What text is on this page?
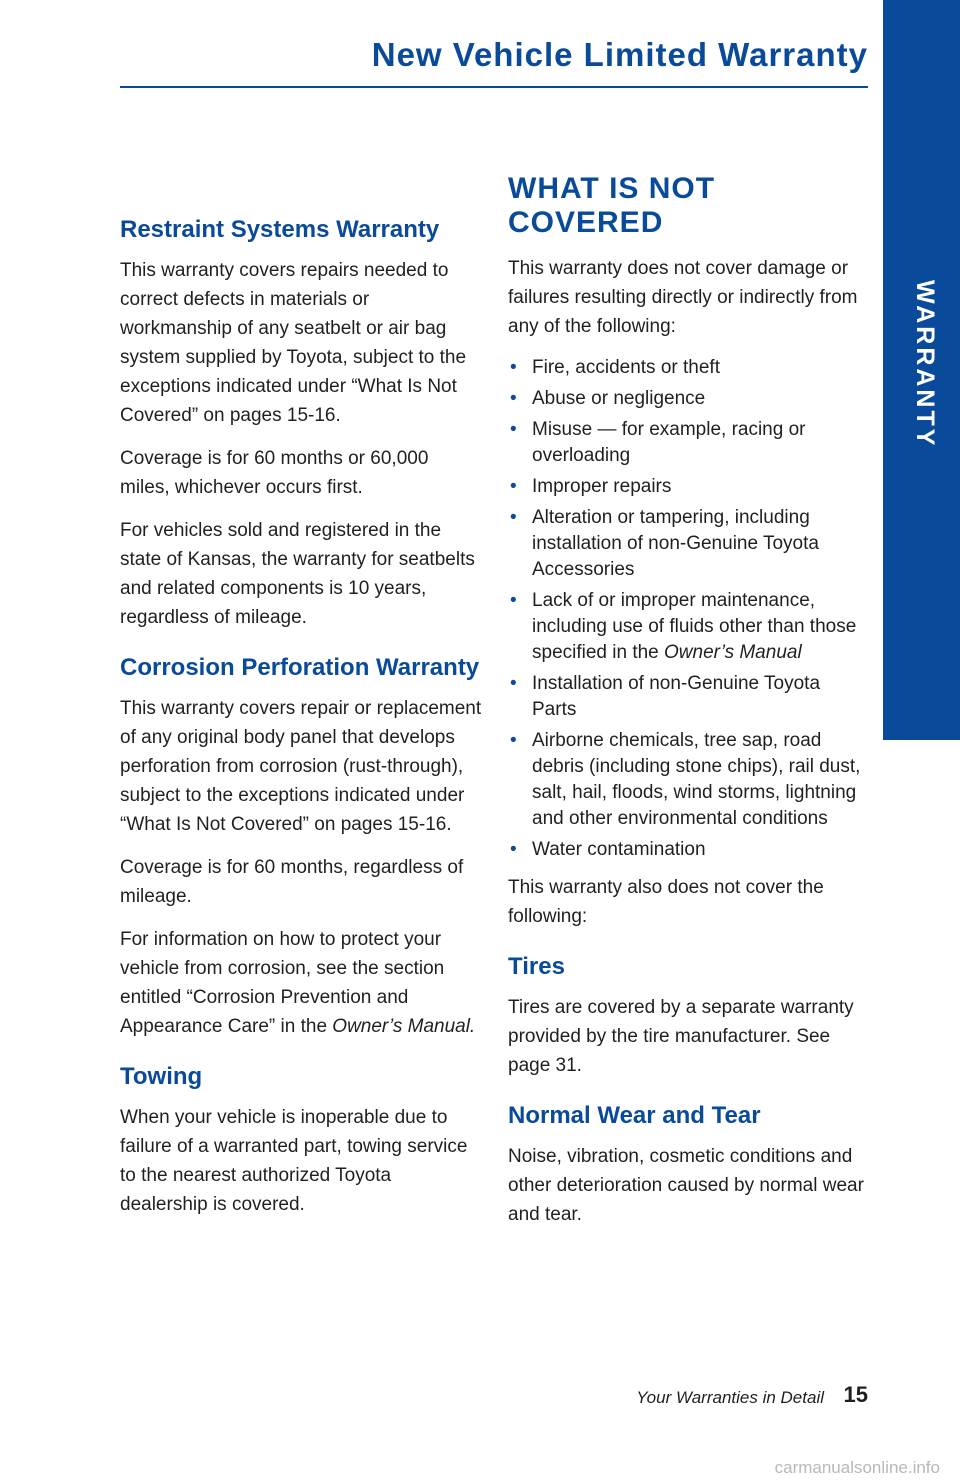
New Vehicle Limited Warranty
WARRANTY
Restraint Systems Warranty

This warranty covers repairs needed to correct defects in materials or workmanship of any seatbelt or air bag system supplied by Toyota, subject to the exceptions indicated under “What Is Not Covered” on pages 15-16.

Coverage is for 60 months or 60,000 miles, whichever occurs first.

For vehicles sold and registered in the state of Kansas, the warranty for seatbelts and related components is 10 years, regardless of mileage.

Corrosion Perforation Warranty

This warranty covers repair or replacement of any original body panel that develops perforation from corrosion (rust-through), subject to the exceptions indicated under “What Is Not Covered” on pages 15-16.

Coverage is for 60 months, regardless of mileage.

For information on how to protect your vehicle from corrosion, see the section entitled “Corrosion Prevention and Appearance Care” in the Owner’s Manual.

Towing

When your vehicle is inoperable due to failure of a warranted part, towing service to the nearest authorized Toyota dealership is covered.

WHAT IS NOT COVERED

This warranty does not cover damage or failures resulting directly or indirectly from any of the following:

• Fire, accidents or theft
• Abuse or negligence
• Misuse — for example, racing or overloading
• Improper repairs
• Alteration or tampering, including installation of non-Genuine Toyota Accessories
• Lack of or improper maintenance, including use of fluids other than those specified in the Owner’s Manual
• Installation of non-Genuine Toyota Parts
• Airborne chemicals, tree sap, road debris (including stone chips), rail dust, salt, hail, floods, wind storms, lightning and other environmental conditions
• Water contamination

This warranty also does not cover the following:

Tires

Tires are covered by a separate warranty provided by the tire manufacturer. See page 31.

Normal Wear and Tear

Noise, vibration, cosmetic conditions and other deterioration caused by normal wear and tear.

Your Warranties in Detail 15
carmanualsonline.info
